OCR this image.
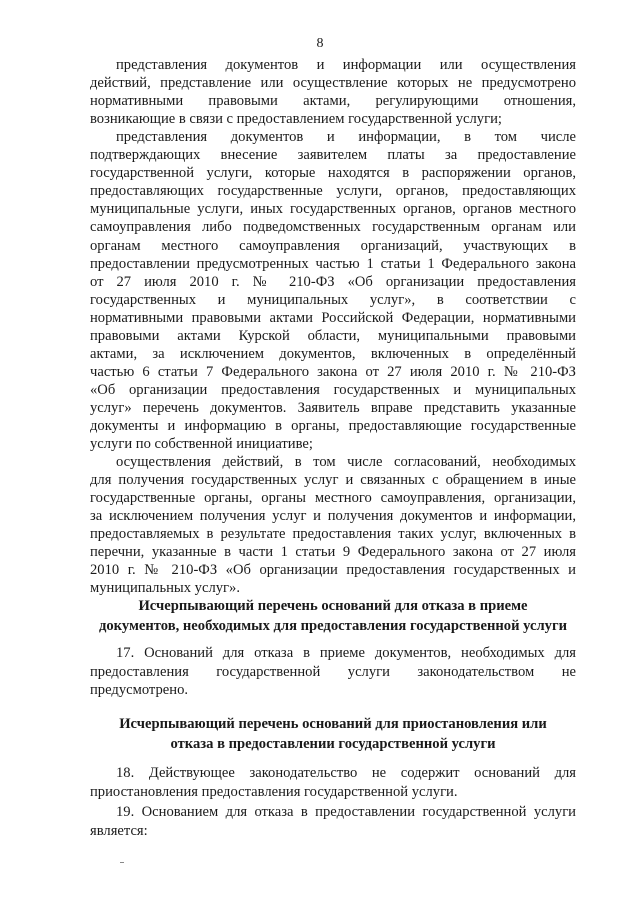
8
представления документов и информации или осуществления
действий, представление или осуществление которых не предусмотрено
нормативными правовыми актами, регулирующими отношения,
возникающие в связи с предоставлением государственной услуги;
представления документов и информации, в том числе
подтверждающих внесение заявителем платы за предоставление
государственной услуги, которые находятся в распоряжении органов,
предоставляющих государственные услуги, органов, предоставляющих
муниципальные услуги, иных государственных органов, органов местного
самоуправления либо подведомственных государственным органам или
органам местного самоуправления организаций, участвующих в
предоставлении предусмотренных частью 1 статьи 1 Федерального закона
от 27 июля 2010 г. № 210-ФЗ «Об организации предоставления
государственных и муниципальных услуг», в соответствии с
нормативными правовыми актами Российской Федерации, нормативными
правовыми актами Курской области, муниципальными правовыми
актами, за исключением документов, включенных в определённый
частью 6 статьи 7 Федерального закона от 27 июля 2010 г. № 210-ФЗ
«Об организации предоставления государственных и муниципальных
услуг» перечень документов. Заявитель вправе представить указанные
документы и информацию в органы, предоставляющие государственные
услуги по собственной инициативе;
осуществления действий, в том числе согласований, необходимых
для получения государственных услуг и связанных с обращением в иные
государственные органы, органы местного самоуправления, организации,
за исключением получения услуг и получения документов и информации,
предоставляемых в результате предоставления таких услуг, включенных в
перечни, указанные в части 1 статьи 9 Федерального закона от 27 июля
2010 г. № 210-ФЗ «Об организации предоставления государственных и
муниципальных услуг».
Исчерпывающий перечень оснований для отказа в приеме
документов, необходимых для предоставления государственной услуги
17. Оснований для отказа в приеме документов, необходимых для
предоставления государственной услуги законодательством не
предусмотрено.
Исчерпывающий перечень оснований для приостановления или
отказа в предоставлении государственной услуги
18. Действующее законодательство не содержит оснований для
приостановления предоставления государственной услуги.
19. Основанием для отказа в предоставлении государственной услуги
является:
